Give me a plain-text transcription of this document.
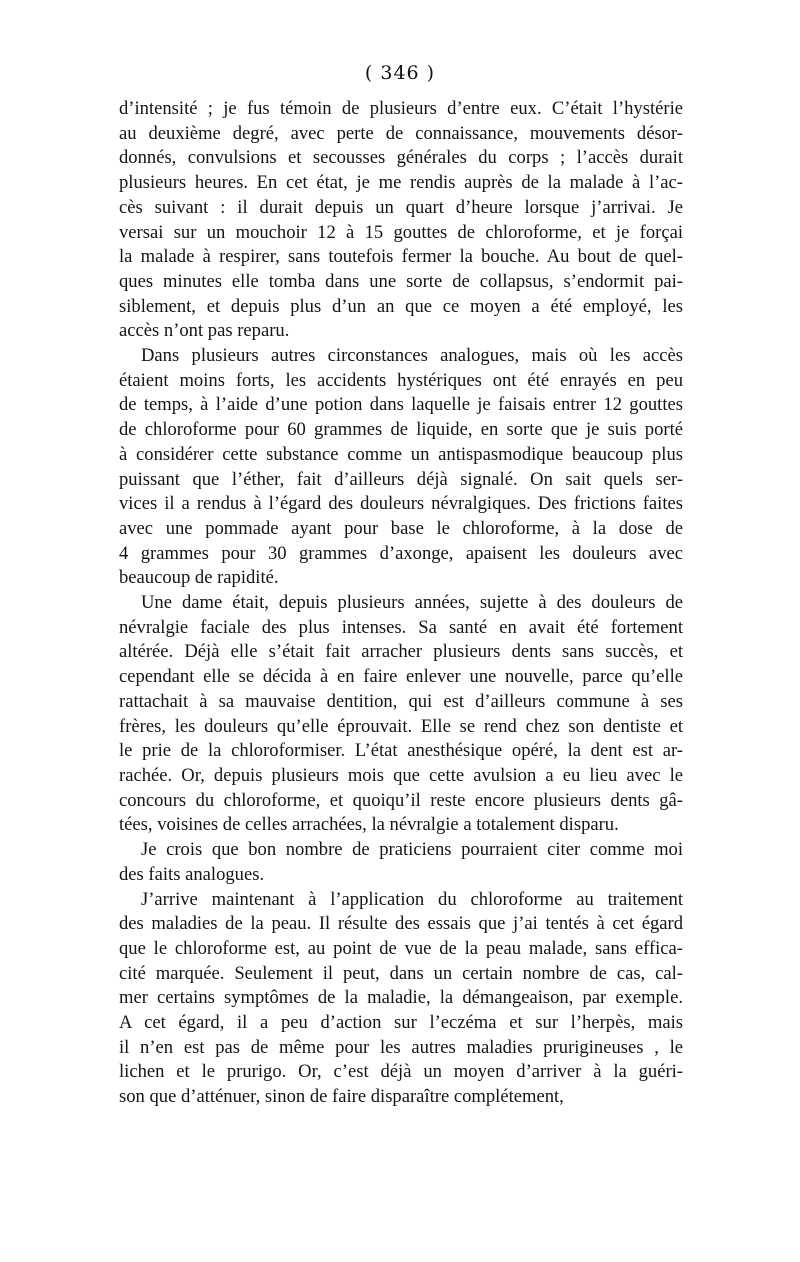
( 346 )

d’intensité ; je fus témoin de plusieurs d’entre eux. C’était l’hystérie
au deuxième degré, avec perte de connaissance, mouvements désor-
donnés, convulsions et secousses générales du corps ; l’accès durait
plusieurs heures. En cet état, je me rendis auprès de la malade à l’ac-
cès suivant : il durait depuis un quart d’heure lorsque j’arrivai. Je
versai sur un mouchoir 12 à 15 gouttes de chloroforme, et je forçai
la malade à respirer, sans toutefois fermer la bouche. Au bout de quel-
ques minutes elle tomba dans une sorte de collapsus, s’endormit pai-
siblement, et depuis plus d’un an que ce moyen a été employé, les
accès n’ont pas reparu.

Dans plusieurs autres circonstances analogues, mais où les accès
étaient moins forts, les accidents hystériques ont été enrayés en peu
de temps, à l’aide d’une potion dans laquelle je faisais entrer 12 gouttes
de chloroforme pour 60 grammes de liquide, en sorte que je suis porté
à considérer cette substance comme un antispasmodique beaucoup plus
puissant que l’éther, fait d’ailleurs déjà signalé. On sait quels ser-
vices il a rendus à l’égard des douleurs névralgiques. Des frictions faites
avec une pommade ayant pour base le chloroforme, à la dose de
4 grammes pour 30 grammes d’axonge, apaisent les douleurs avec
beaucoup de rapidité.

Une dame était, depuis plusieurs années, sujette à des douleurs de
névralgie faciale des plus intenses. Sa santé en avait été fortement
altérée. Déjà elle s’était fait arracher plusieurs dents sans succès, et
cependant elle se décida à en faire enlever une nouvelle, parce qu’elle
rattachait à sa mauvaise dentition, qui est d’ailleurs commune à ses
frères, les douleurs qu’elle éprouvait. Elle se rend chez son dentiste et
le prie de la chloroformiser. L’état anesthésique opéré, la dent est ar-
rachée. Or, depuis plusieurs mois que cette avulsion a eu lieu avec le
concours du chloroforme, et quoiqu’il reste encore plusieurs dents gâ-
tées, voisines de celles arrachées, la névralgie a totalement disparu.

Je crois que bon nombre de praticiens pourraient citer comme moi
des faits analogues.

J’arrive maintenant à l’application du chloroforme au traitement
des maladies de la peau. Il résulte des essais que j’ai tentés à cet égard
que le chloroforme est, au point de vue de la peau malade, sans effica-
cité marquée. Seulement il peut, dans un certain nombre de cas, cal-
mer certains symptômes de la maladie, la démangeaison, par exemple.
A cet égard, il a peu d’action sur l’eczéma et sur l’herpès, mais
il n’en est pas de même pour les autres maladies prurigineuses , le
lichen et le prurigo. Or, c’est déjà un moyen d’arriver à la guéri-
son que d’atténuer, sinon de faire disparaître complétement,
